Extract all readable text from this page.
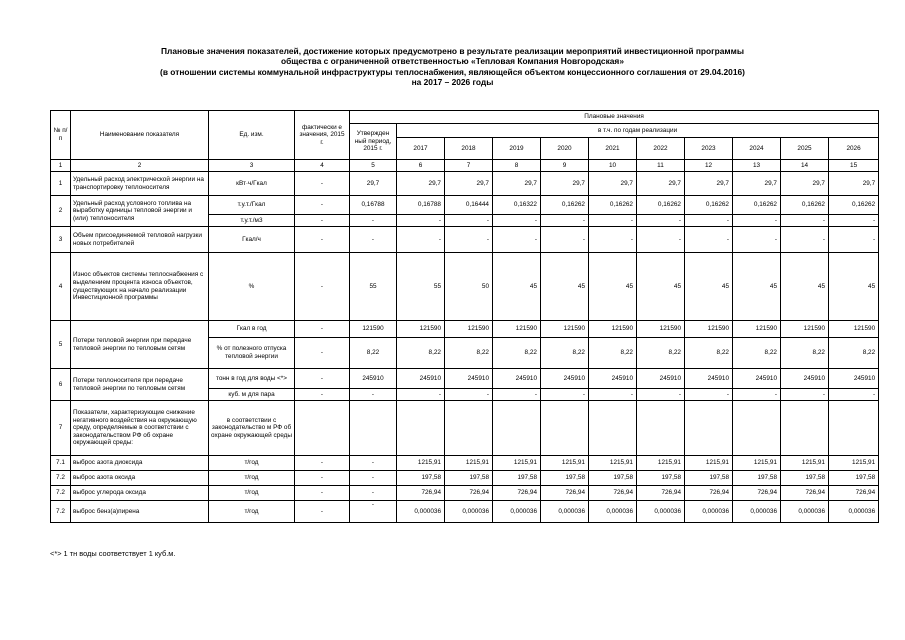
Плановые значения показателей, достижение которых предусмотрено в результате реализации мероприятий инвестиционной программы
общества с ограниченной ответственностью «Тепловая Компания Новгородская»
(в отношении системы коммунальной инфраструктуры теплоснабжения, являющейся объектом концессионного соглашения от 29.04.2016)
на 2017 – 2026 годы
№ п/п	Наименование показателя	Ед. изм.	фактически е значения, 2015 г.	Плановые значения										
				Утвержден ный период, 2015 г.	в т.ч. по годам реализации									
					2017	2018	2019	2020	2021	2022	2023	2024	2025	2026
1	2	3	4	5	6	7	8	9	10	11	12	13	14	15
1	Удельный расход электрической энергии на транспортировку теплоносителя	кВт·ч/Гкал	-	29,7	29,7	29,7	29,7	29,7	29,7	29,7	29,7	29,7	29,7	29,7
2	Удельный расход условного топлива на выработку единицы тепловой энергии и (или) теплоносителя	т.у.т./Гкал	-	0,16788	0,16788	0,16444	0,16322	0,16262	0,16262	0,16262	0,16262	0,16262	0,16262	0,16262
		т.у.т./м3	-	-	-	-	-	-	-	-	-	-	-	-
3	Объем присоединяемой тепловой нагрузки новых потребителей	Гкал/ч	-	-	-	-	-	-	-	-	-	-	-	-
4	Износ объектов системы теплоснабжения с выделением процента износа объектов, существующих на начало реализации Инвестиционной программы	%	-	55	55	50	45	45	45	45	45	45	45	45
5	Потери тепловой энергии при передаче тепловой энергии по тепловым сетям	Гкал в год	-	121590	121590	121590	121590	121590	121590	121590	121590	121590	121590	121590
		% от полезного отпуска тепловой энергии	-	8,22	8,22	8,22	8,22	8,22	8,22	8,22	8,22	8,22	8,22	8,22
6	Потери теплоносителя при передаче тепловой энергии по тепловым сетям	тонн в год для воды <*>	-	245910	245910	245910	245910	245910	245910	245910	245910	245910	245910	245910
		куб. м для пара	-	-	-	-	-	-	-	-	-	-	-	-
7	Показатели, характеризующие снижение негативного воздействия на окружающую среду, определяемые в соответствии с законодательством РФ об охране окружающей среды:	в соответствии с законодательство м РФ об охране окружающей среды												
7.1	выброс азота диоксида	т/год	-	-	1215,91	1215,91	1215,91	1215,91	1215,91	1215,91	1215,91	1215,91	1215,91	1215,91
7.2	выброс азота оксида	т/год	-	-	197,58	197,58	197,58	197,58	197,58	197,58	197,58	197,58	197,58	197,58
7.2	выброс углерода оксида	т/год	-	-	726,94	726,94	726,94	726,94	726,94	726,94	726,94	726,94	726,94	726,94
7.2	выброс бенз(а)пирена	т/год	-	-	0,000036	0,000036	0,000036	0,000036	0,000036	0,000036	0,000036	0,000036	0,000036	0,000036
<*> 1 тн воды соответствует 1 куб.м.
